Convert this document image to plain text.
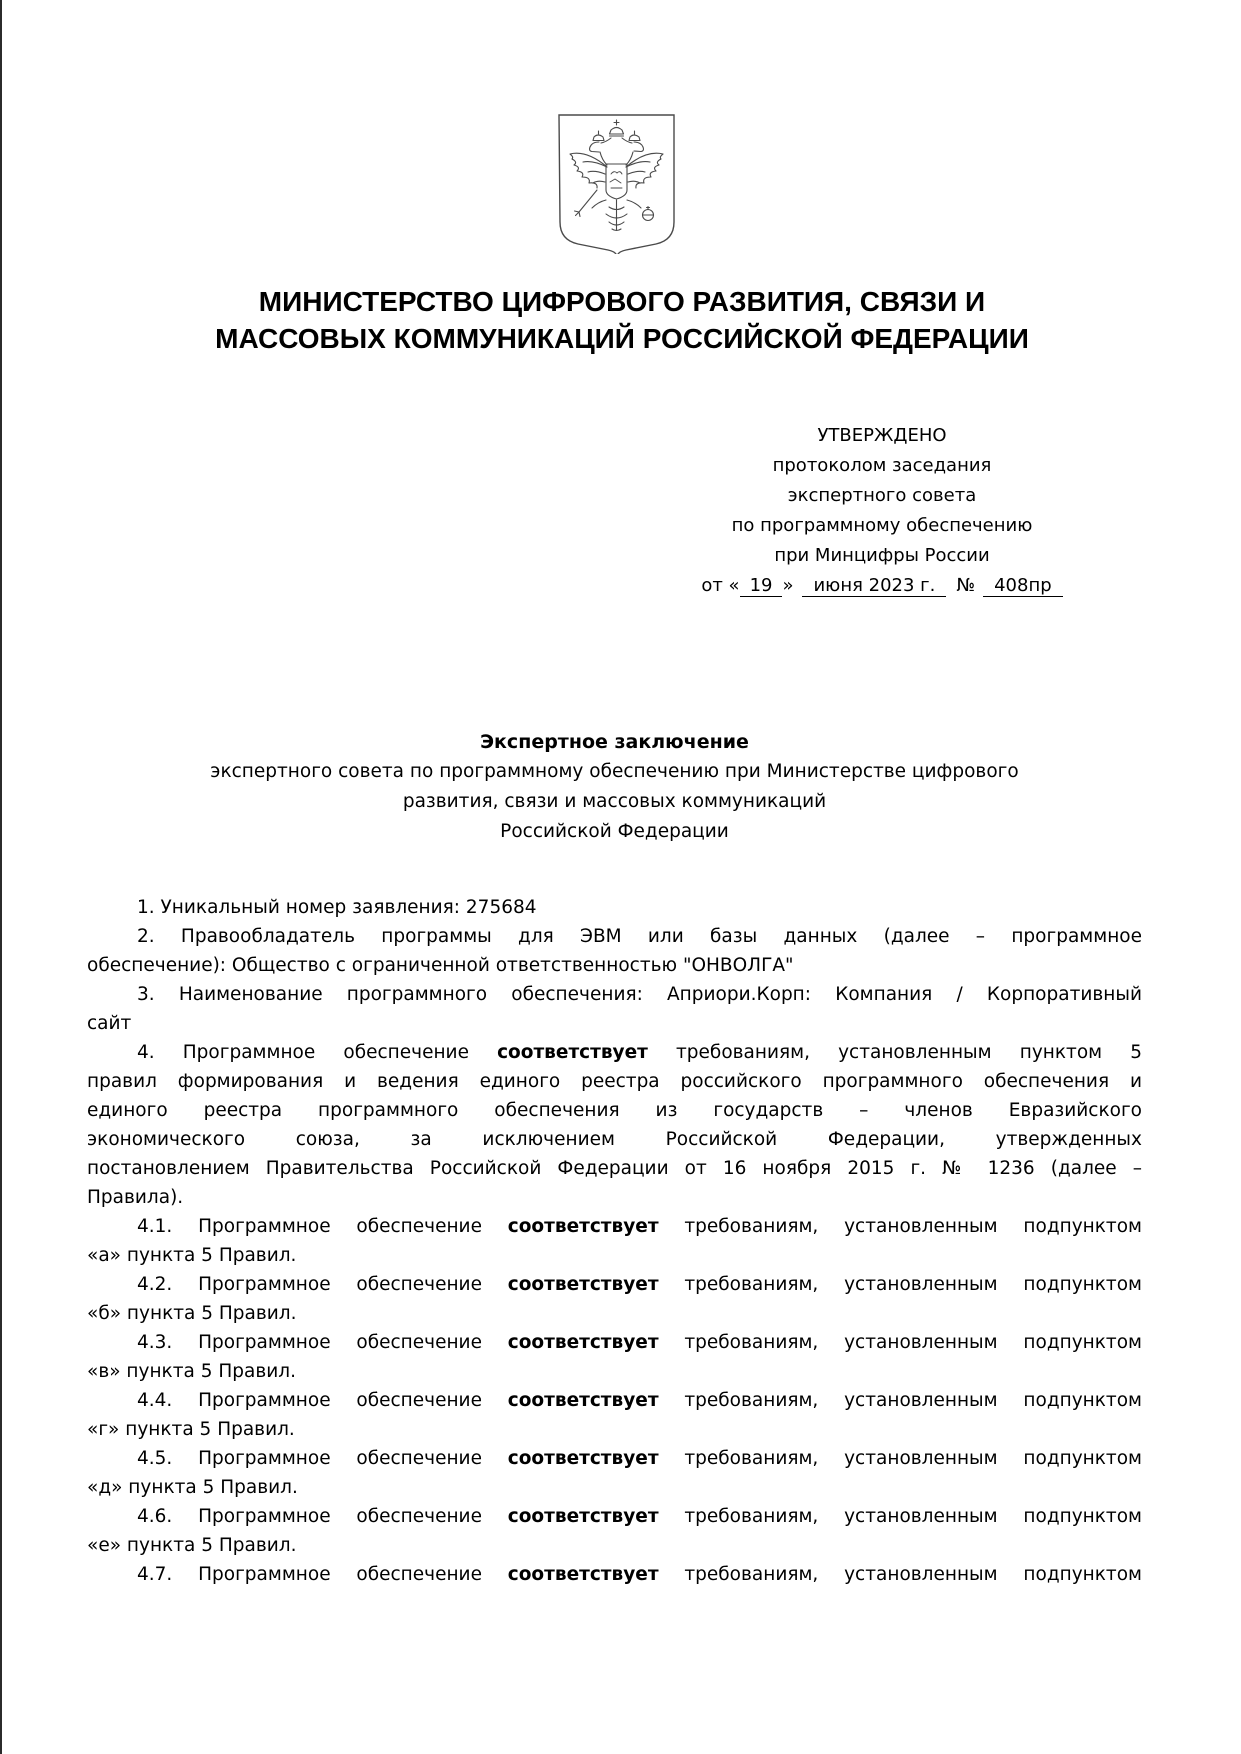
МИНИСТЕРСТВО ЦИФРОВОГО РАЗВИТИЯ, СВЯЗИ И
МАССОВЫХ КОММУНИКАЦИЙ РОССИЙСКОЙ ФЕДЕРАЦИИ
УТВЕРЖДЕНО
протоколом заседания
экспертного совета
по программному обеспечению
при Минцифры России
от « 19 » июня 2023 г. № 408пр
Экспертное заключение
экспертного совета по программному обеспечению при Министерстве цифрового
развития, связи и массовых коммуникаций
Российской Федерации
1. Уникальный номер заявления: 275684
2. Правообладатель программы для ЭВМ или базы данных (далее – программное
обеспечение): Общество с ограниченной ответственностью "ОНВОЛГА"
3. Наименование программного обеспечения: Априори.Корп: Компания / Корпоративный
сайт
4. Программное обеспечение соответствует требованиям, установленным пунктом 5
правил формирования и ведения единого реестра российского программного обеспечения и
единого реестра программного обеспечения из государств – членов Евразийского
экономического союза, за исключением Российской Федерации, утвержденных
постановлением Правительства Российской Федерации от 16 ноября 2015 г. № 1236 (далее –
Правила).
4.1. Программное обеспечение соответствует требованиям, установленным подпунктом
«а» пункта 5 Правил.
4.2. Программное обеспечение соответствует требованиям, установленным подпунктом
«б» пункта 5 Правил.
4.3. Программное обеспечение соответствует требованиям, установленным подпунктом
«в» пункта 5 Правил.
4.4. Программное обеспечение соответствует требованиям, установленным подпунктом
«г» пункта 5 Правил.
4.5. Программное обеспечение соответствует требованиям, установленным подпунктом
«д» пункта 5 Правил.
4.6. Программное обеспечение соответствует требованиям, установленным подпунктом
«е» пункта 5 Правил.
4.7. Программное обеспечение соответствует требованиям, установленным подпунктом
